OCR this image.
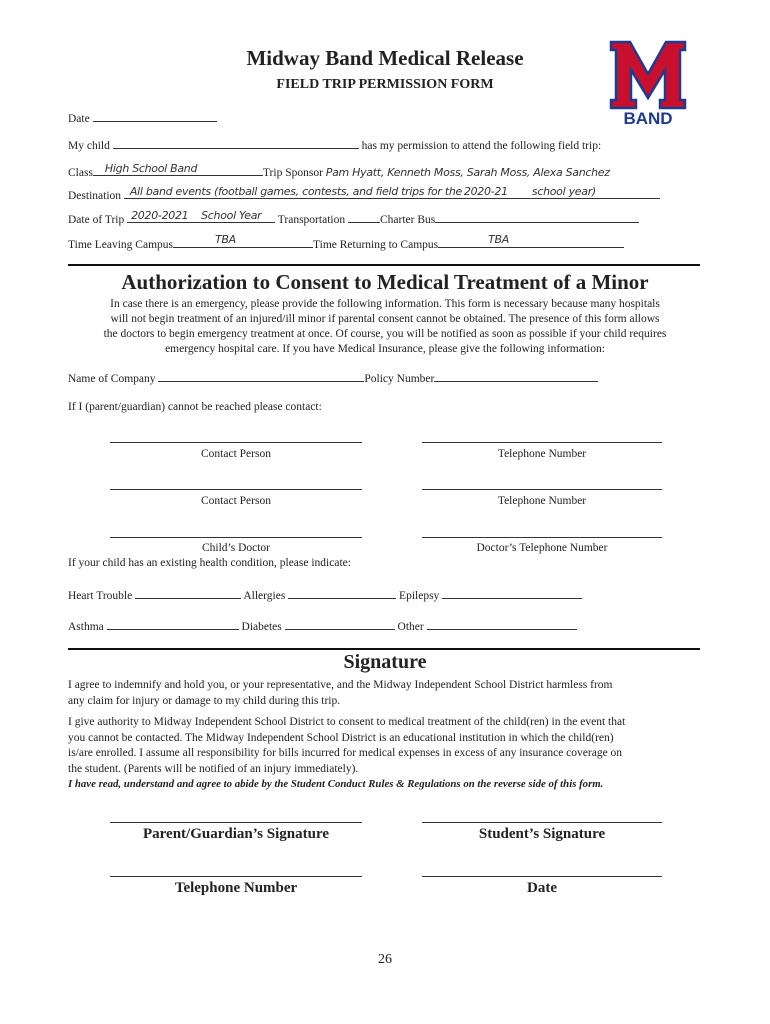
Midway Band Medical Release
FIELD TRIP PERMISSION FORM
BAND
Date
My child	has my permission to attend the following field trip:
Class High School Band	Trip Sponsor Pam Hyatt, Kenneth Moss, Sarah Moss, Alexa Sanchez
Destination All band events (football games, contests, and field trips for the 2020-21 school year)
Date of Trip 2020-2021 School Year Transportation	Charter Bus
Time Leaving Campus	TBA	Time Returning to Campus	TBA
Authorization to Consent to Medical Treatment of a Minor
In case there is an emergency, please provide the following information. This form is necessary because many hospitals
will not begin treatment of an injured/ill minor if parental consent cannot be obtained. The presence of this form allows
the doctors to begin emergency treatment at once. Of course, you will be notified as soon as possible if your child requires
emergency hospital care. If you have Medical Insurance, please give the following information:
Name of Company	Policy Number
If I (parent/guardian) cannot be reached please contact:
Contact Person	Telephone Number
Contact Person	Telephone Number
Child’s Doctor	Doctor’s Telephone Number
If your child has an existing health condition, please indicate:
Heart Trouble	Allergies	Epilepsy
Asthma	Diabetes	Other
Signature
I agree to indemnify and hold you, or your representative, and the Midway Independent School District harmless from
any claim for injury or damage to my child during this trip.
I give authority to Midway Independent School District to consent to medical treatment of the child(ren) in the event that
you cannot be contacted. The Midway Independent School District is an educational institution in which the child(ren)
is/are enrolled. I assume all responsibility for bills incurred for medical expenses in excess of any insurance coverage on
the student. (Parents will be notified of an injury immediately).
I have read, understand and agree to abide by the Student Conduct Rules & Regulations on the reverse side of this form.
Parent/Guardian’s Signature	Student’s Signature
Telephone Number	Date
26
